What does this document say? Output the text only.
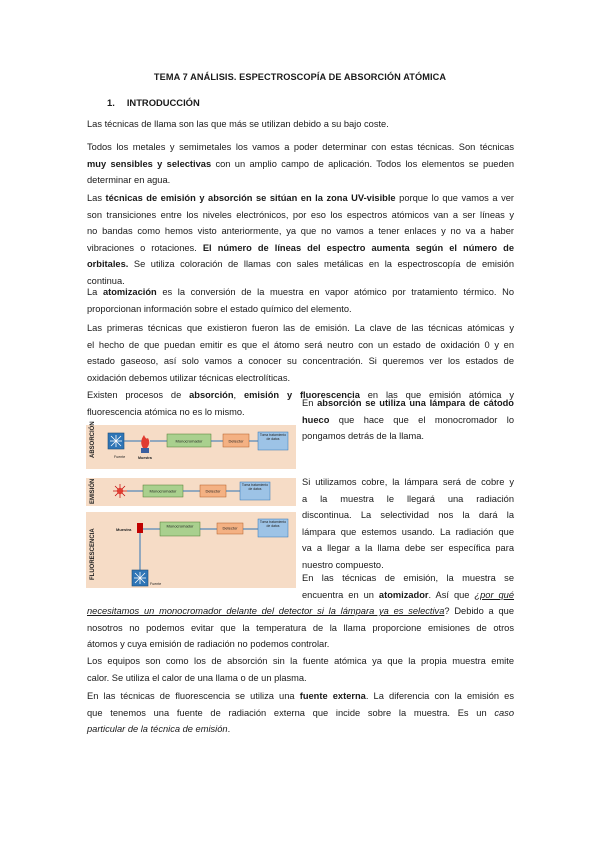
TEMA 7 ANÁLISIS. ESPECTROSCOPÍA DE ABSORCIÓN ATÓMICA
1. INTRODUCCIÓN
Las técnicas de llama son las que más se utilizan debido a su bajo coste.
Todos los metales y semimetales los vamos a poder determinar con estas técnicas. Son técnicas
muy sensibles y selectivas con un amplio campo de aplicación. Todos los elementos se pueden
determinar en agua.
Las técnicas de emisión y absorción se sitúan en la zona UV-visible porque lo que vamos a ver
son transiciones entre los niveles electrónicos, por eso los espectros atómicos van a ser líneas y
no bandas como hemos visto anteriormente, ya que no vamos a tener enlaces y no va a haber
vibraciones o rotaciones. El número de líneas del espectro aumenta según el número de
orbitales. Se utiliza coloración de llamas con sales metálicas en la espectroscopía de emisión
continua.
La atomización es la conversión de la muestra en vapor atómico por tratamiento térmico. No
proporcionan información sobre el estado químico del elemento.
Las primeras técnicas que existieron fueron las de emisión. La clave de las técnicas atómicas y
el hecho de que puedan emitir es que el átomo será neutro con un estado de oxidación 0 y en
estado gaseoso, así solo vamos a conocer su concentración. Si queremos ver los estados de
oxidación debemos utilizar técnicas electrolíticas.
Existen procesos de absorción, emisión y fluorescencia en las que emisión atómica y
fluorescencia atómica no es lo mismo.
ABSORCIÓN
EMISIÓN
FLUORESCENCIA
Fuente	Muestra
Monocromador	Detector
Toma tratamiento de datos
Monocromador	Detector
Toma tratamiento de datos
Muestra
Monocromador	Detector
Toma tratamiento de datos
Fuente
En absorción se utiliza una lámpara de cátodo
hueco que hace que el monocromador lo
pongamos detrás de la llama.
Si utilizamos cobre, la lámpara será de cobre y
a la muestra le llegará una radiación
discontinua. La selectividad nos la dará la
lámpara que estemos usando. La radiación que
va a llegar a la llama debe ser específica para
nuestro compuesto.
En las técnicas de emisión, la muestra se
encuentra en un atomizador. Así que ¿por qué
necesitamos un monocromador delante del detector si la lámpara ya es selectiva? Debido a que
nosotros no podemos evitar que la temperatura de la llama proporcione emisiones de otros
átomos y cuya emisión de radiación no podemos controlar.
Los equipos son como los de absorción sin la fuente atómica ya que la propia muestra emite
calor. Se utiliza el calor de una llama o de un plasma.
En las técnicas de fluorescencia se utiliza una fuente externa. La diferencia con la emisión es
que tenemos una fuente de radiación externa que incide sobre la muestra. Es un caso
particular de la técnica de emisión.
